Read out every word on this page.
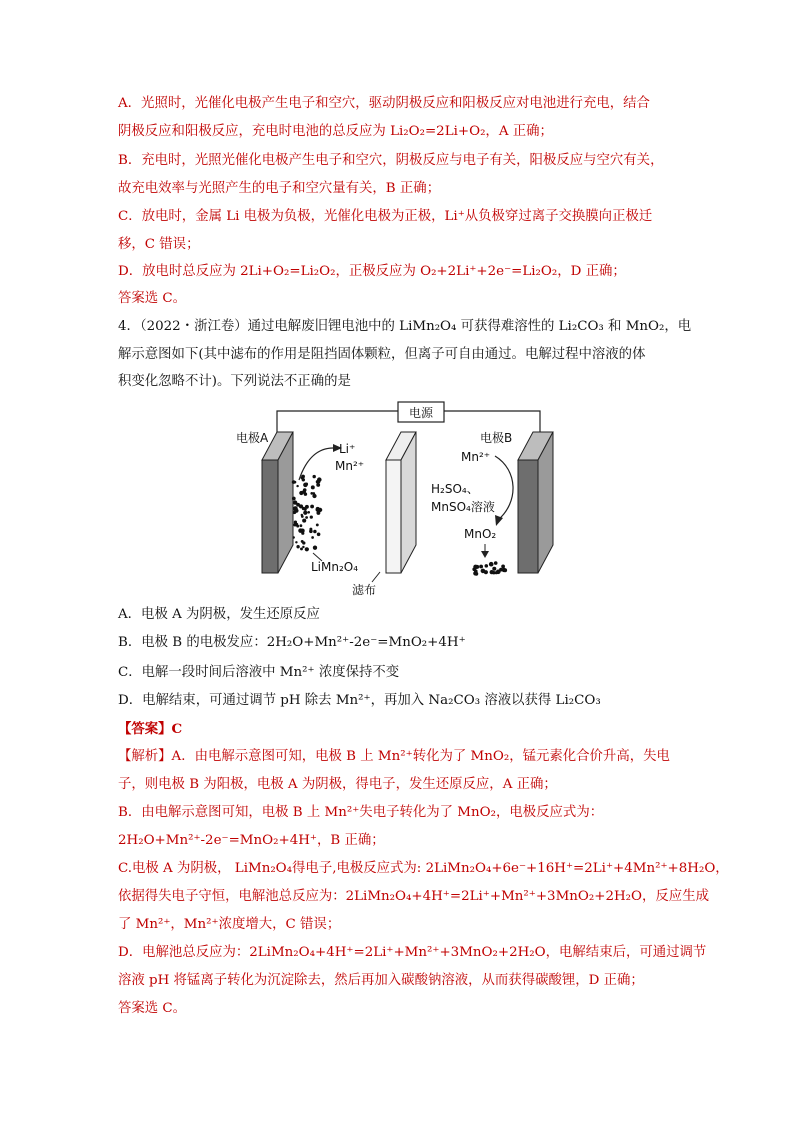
A．光照时，光催化电极产生电子和空穴，驱动阴极反应和阳极反应对电池进行充电，结合
阴极反应和阳极反应，充电时电池的总反应为 Li₂O₂=2Li+O₂，A 正确；
B．充电时，光照光催化电极产生电子和空穴，阴极反应与电子有关，阳极反应与空穴有关，
故充电效率与光照产生的电子和空穴量有关，B 正确；
C．放电时，金属 Li 电极为负极，光催化电极为正极，Li⁺从负极穿过离子交换膜向正极迁
移，C 错误；
D．放电时总反应为 2Li+O₂=Li₂O₂，正极反应为 O₂+2Li⁺+2e⁻=Li₂O₂，D 正确；
答案选 C。
4．（2022・浙江卷）通过电解废旧锂电池中的 LiMn₂O₄ 可获得难溶性的 Li₂CO₃ 和 MnO₂，电
解示意图如下(其中滤布的作用是阻挡固体颗粒，但离子可自由通过。电解过程中溶液的体
积变化忽略不计)。下列说法不正确的是
电源
电极A
滤布
电极B
Li⁺
Mn²⁺
LiMn₂O₄
H₂SO₄、
MnSO₄溶液
Mn²⁺
MnO₂
A．电极 A 为阴极，发生还原反应
B．电极 B 的电极发应：2H₂O+Mn²⁺-2e⁻=MnO₂+4H⁺
C．电解一段时间后溶液中 Mn²⁺ 浓度保持不变
D．电解结束，可通过调节 pH 除去 Mn²⁺，再加入 Na₂CO₃ 溶液以获得 Li₂CO₃
【答案】C
【解析】A．由电解示意图可知，电极 B 上 Mn²⁺转化为了 MnO₂，锰元素化合价升高，失电
子，则电极 B 为阳极，电极 A 为阴极，得电子，发生还原反应，A 正确；
B．由电解示意图可知，电极 B 上 Mn²⁺失电子转化为了 MnO₂，电极反应式为：
2H₂O+Mn²⁺-2e⁻=MnO₂+4H⁺，B 正确；
C.电极 A 为阴极， LiMn₂O₄得电子,电极反应式为: 2LiMn₂O₄+6e⁻+16H⁺=2Li⁺+4Mn²⁺+8H₂O，
依据得失电子守恒，电解池总反应为：2LiMn₂O₄+4H⁺=2Li⁺+Mn²⁺+3MnO₂+2H₂O，反应生成
了 Mn²⁺，Mn²⁺浓度增大，C 错误；
D．电解池总反应为：2LiMn₂O₄+4H⁺=2Li⁺+Mn²⁺+3MnO₂+2H₂O，电解结束后，可通过调节
溶液 pH 将锰离子转化为沉淀除去，然后再加入碳酸钠溶液，从而获得碳酸锂，D 正确；
答案选 C。
